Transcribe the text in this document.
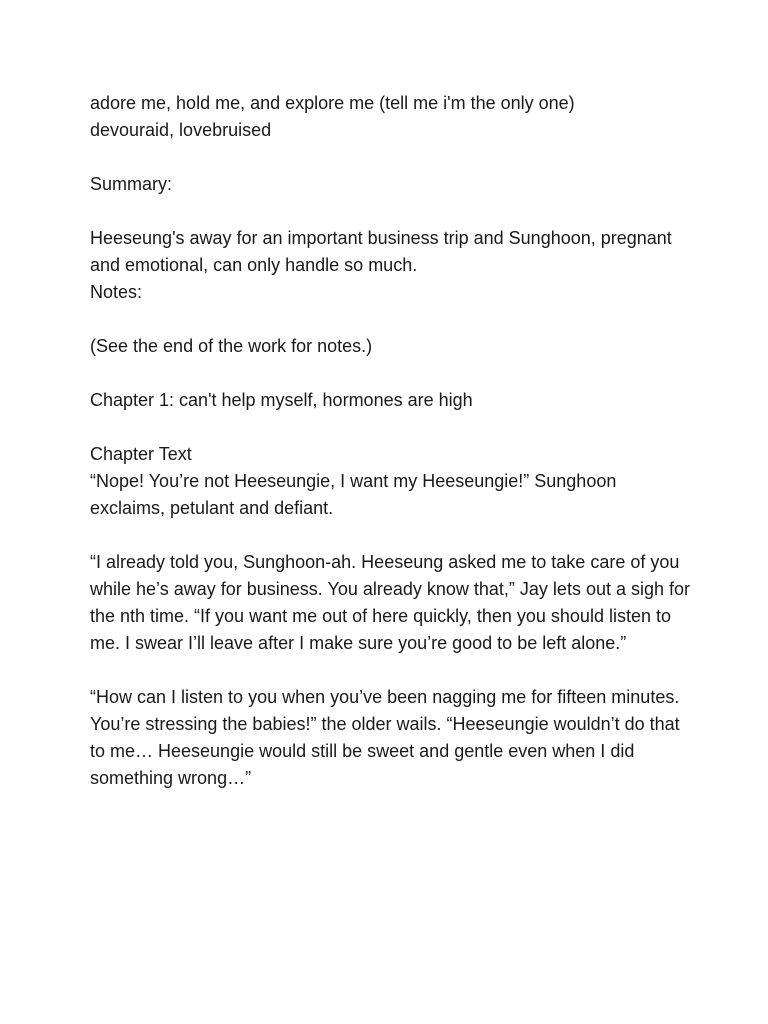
adore me, hold me, and explore me (tell me i'm the only one)

devouraid, lovebruised

Summary:

Heeseung's away for an important business trip and Sunghoon, pregnant and emotional, can only handle so much.

Notes:

(See the end of the work for notes.)

Chapter 1: can't help myself, hormones are high

Chapter Text

“Nope! You’re not Heeseungie, I want my Heeseungie!” Sunghoon exclaims, petulant and defiant.

“I already told you, Sunghoon-ah. Heeseung asked me to take care of you while he’s away for business. You already know that,” Jay lets out a sigh for the nth time. “If you want me out of here quickly, then you should listen to me. I swear I’ll leave after I make sure you’re good to be left alone.”

“How can I listen to you when you’ve been nagging me for fifteen minutes. You’re stressing the babies!” the older wails. “Heeseungie wouldn’t do that to me… Heeseungie would still be sweet and gentle even when I did something wrong…”
